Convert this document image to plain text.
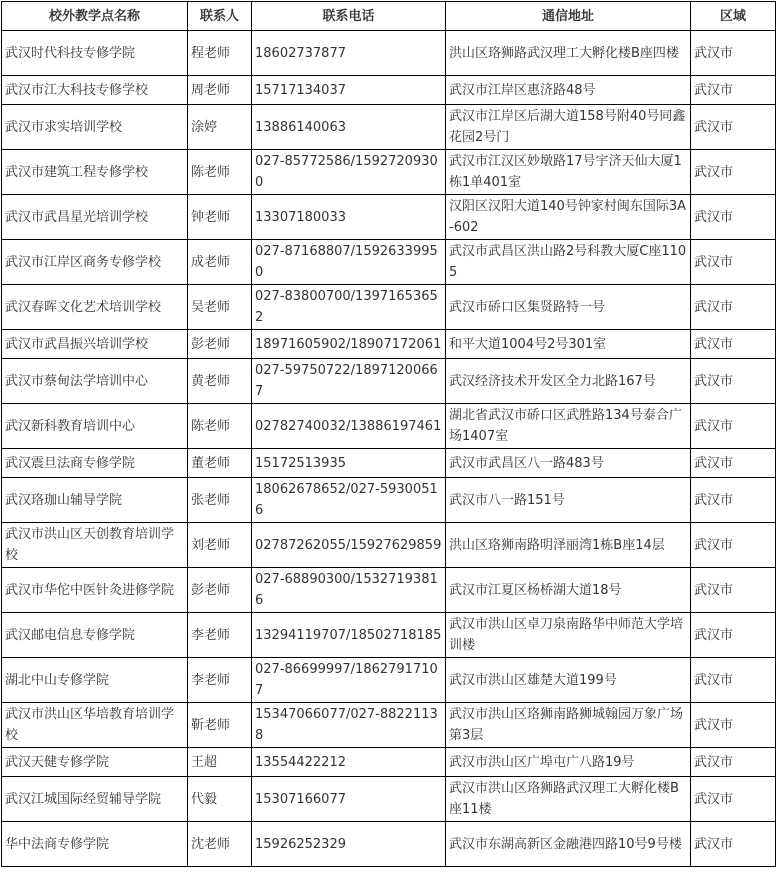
校外教学点名称	联系人	联系电话	通信地址	区域
武汉时代科技专修学院	程老师	18602737877	洪山区珞狮路武汉理工大孵化楼B座四楼	武汉市
武汉市江大科技专修学校	周老师	15717134037	武汉市江岸区惠济路48号	武汉市
武汉市求实培训学校	涂婷	13886140063	武汉市江岸区后湖大道158号附40号同鑫花园2号门	武汉市
武汉市建筑工程专修学校	陈老师	027-85772586/15927209300	武汉市江汉区妙墩路17号宇济天仙大厦1栋1单401室	武汉市
武汉市武昌星光培训学校	钟老师	13307180033	汉阳区汉阳大道140号钟家村闽东国际3A-602	武汉市
武汉市江岸区商务专修学校	成老师	027-87168807/15926339950	武汉市武昌区洪山路2号科教大厦C座1105	武汉市
武汉春晖文化艺术培训学校	吴老师	027-83800700/13971653652	武汉市硚口区集贤路特一号	武汉市
武汉市武昌振兴培训学校	彭老师	18971605902/18907172061	和平大道1004号2号301室	武汉市
武汉市蔡甸法学培训中心	黄老师	027-59750722/18971200667	武汉经济技术开发区全力北路167号	武汉市
武汉新科教育培训中心	陈老师	02782740032/13886197461	湖北省武汉市硚口区武胜路134号泰合广场1407室	武汉市
武汉震旦法商专修学院	董老师	15172513935	武汉市武昌区八一路483号	武汉市
武汉珞珈山辅导学院	张老师	18062678652/027-59300516	武汉市八一路151号	武汉市
武汉市洪山区天创教育培训学校	刘老师	02787262055/15927629859	洪山区珞狮南路明泽丽湾1栋B座14层	武汉市
武汉市华佗中医针灸进修学院	彭老师	027-68890300/15327193816	武汉市江夏区杨桥湖大道18号	武汉市
武汉邮电信息专修学院	李老师	13294119707/18502718185	武汉市洪山区卓刀泉南路华中师范大学培训楼	武汉市
湖北中山专修学院	李老师	027-86699997/18627917107	武汉市洪山区雄楚大道199号	武汉市
武汉市洪山区华培教育培训学校	靳老师	15347066077/027-88221138	武汉市洪山区珞狮南路狮城翰园万象广场第3层	武汉市
武汉天健专修学院	王超	13554422212	武汉市洪山区广埠屯广八路19号	武汉市
武汉江城国际经贸辅导学院	代毅	15307166077	武汉市洪山区珞狮路武汉理工大孵化楼B座11楼	武汉市
华中法商专修学院	沈老师	15926252329	武汉市东湖高新区金融港四路10号9号楼	武汉市
